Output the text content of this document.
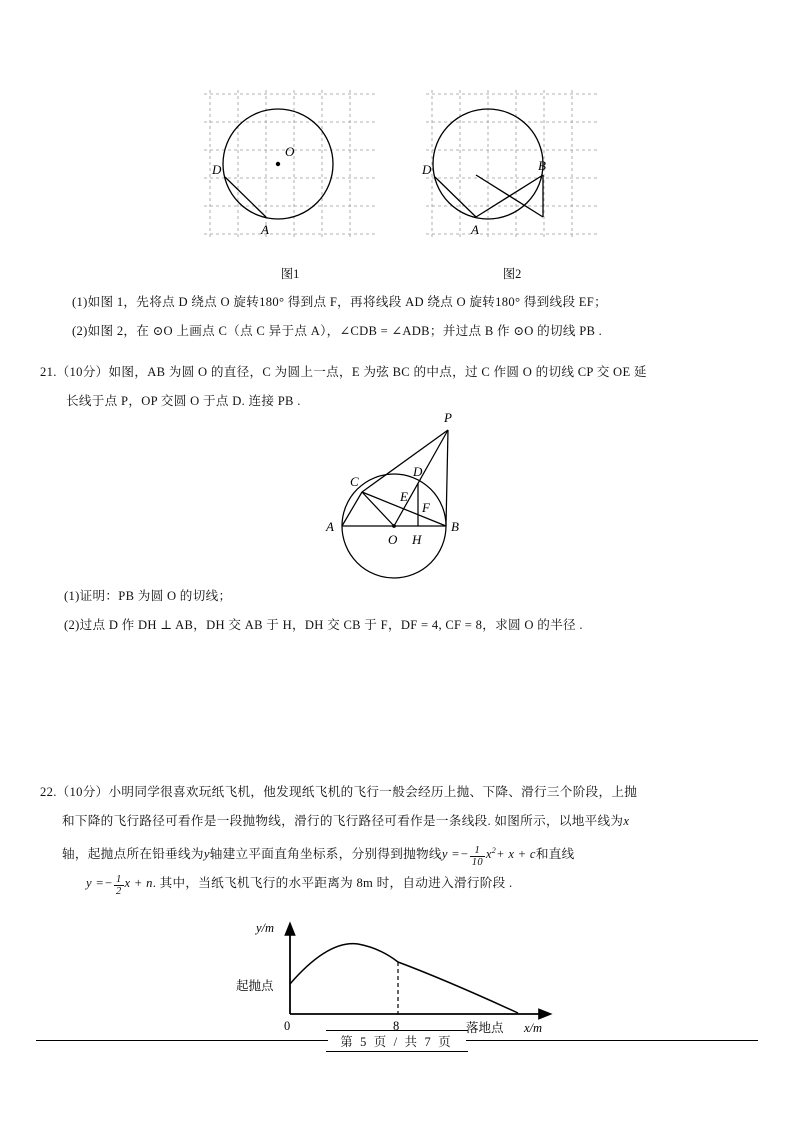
D
O
A
图1
D	B
A
图2
(1)如图 1，先将点 D 绕点 O 旋转180° 得到点 F，再将线段 AD 绕点 O 旋转180° 得到线段 EF；
(2)如图 2，在 ⊙O 上画点 C（点 C 异于点 A），∠CDB = ∠ADB；并过点 B 作 ⊙O 的切线 PB .
21.（10分）如图，AB 为圆 O 的直径，C 为圆上一点，E 为弦 BC 的中点，过 C 作圆 O 的切线 CP 交 OE 延
长线于点 P，OP 交圆 O 于点 D. 连接 PB .
P
C
D
E
F
A
O H
B
(1)证明：PB 为圆 O 的切线；
(2)过点 D 作 DH ⊥ AB，DH 交 AB 于 H，DH 交 CB 于 F，DF = 4, CF = 8，求圆 O 的半径 .
22.（10分）小明同学很喜欢玩纸飞机，他发现纸飞机的飞行一般会经历上抛、下降、滑行三个阶段，上抛
和下降的飞行路径可看作是一段抛物线，滑行的飞行路径可看作是一条线段. 如图所示，以地平线为x
轴，起抛点所在铅垂线为y轴建立平面直角坐标系，分别得到抛物线$y =- \frac{1}{10} x^2+ x + c$和直线
$y =- \frac{1}{2}$ x + n. 其中，当纸飞机飞行的水平距离为 8m 时，自动进入滑行阶段 .
y/m
x/m
0	8
起抛点
落地点
第 5 页 / 共 7 页
